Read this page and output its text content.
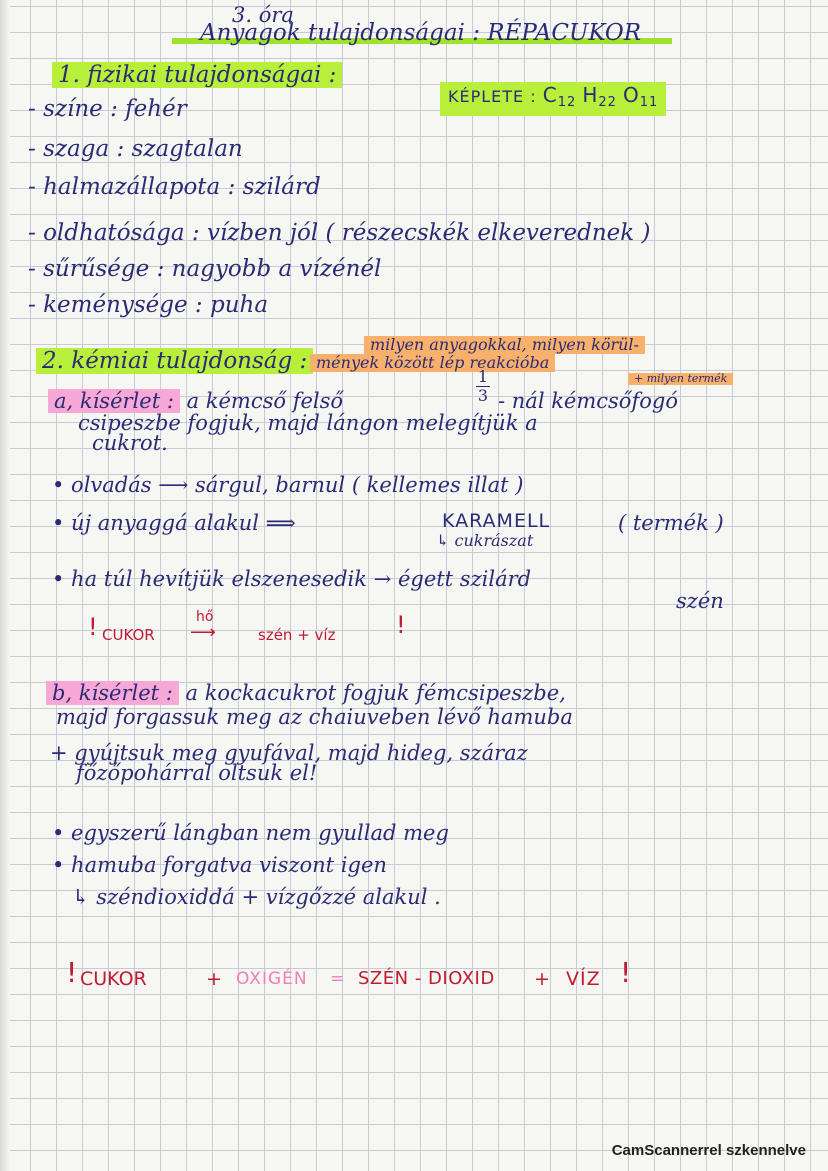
3. óra
Anyagok tulajdonságai : RÉPACUKOR
1. fizikai tulajdonságai :
KÉPLETE : $C_{12}$ $H_{22}$ $O_{11}$
- színe : fehér
- szaga : szagtalan
- halmazállapota : szilárd
- oldhatósága : vízben jól ( részecskék elkeverednek )
- sűrűsége : nagyobb a vízénél
- keménysége : puha
milyen anyagokkal, milyen körül-
2. kémiai tulajdonság : mények között lép reakcióba
+ milyen termék
a, kísérlet : a kémcső felső	$\frac{1}{3}$ - nál kémcsőfogó
csipeszbe fogjuk, majd lángon melegítjük a
cukrot.
• olvadás ⟶ sárgul, barnul ( kellemes illat )
• új anyaggá alakul ⟹	KARAMELL	( termék )
↳ cukrászat
• ha túl hevítjük elszenesedik → égett szilárd
szén
! CUKOR
hő
⟶	szén + víz	!
b, kísérlet : a kockacukrot fogjuk fémcsipeszbe,
majd forgassuk meg az chaiuveben lévő hamuba
+ gyújtsuk meg gyufával, majd hideg, száraz
főzőpohárral oltsuk el!
• egyszerű lángban nem gyullad meg
• hamuba forgatva viszont igen
↳ széndioxiddá + vízgőzzé alakul .
! CUKOR	+ OXIGÉN = SZÉN - DIOXID + VÍZ !
CamScannerrel szkennelve
